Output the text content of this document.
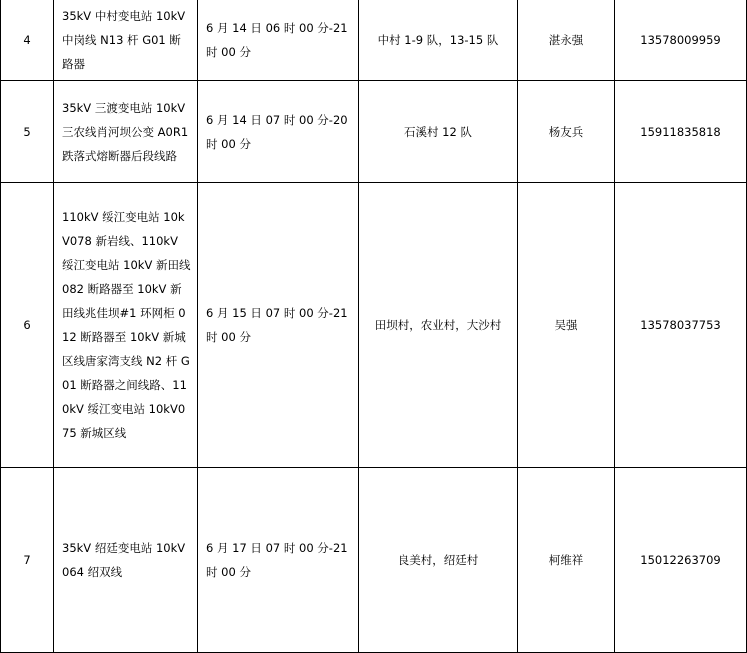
4	35kV 中村变电站 10kV 中岗线 N13 杆 G01 断路器	6 月 14 日 06 时 00 分-21 时 00 分	中村 1-9 队，13-15 队	湛永强	13578009959
5	35kV 三渡变电站 10kV 三农线肖河坝公变 A0R1 跌落式熔断器后段线路	6 月 14 日 07 时 00 分-20 时 00 分	石溪村 12 队	杨友兵	15911835818
6	110kV 绥江变电站 10kV078 新岩线、110kV 绥江变电站 10kV 新田线 082 断路器至 10kV 新田线兆佳坝#1 环网柜 012 断路器至 10kV 新城区线唐家湾支线 N2 杆 G01 断路器之间线路、110kV 绥江变电站 10kV075 新城区线	6 月 15 日 07 时 00 分-21 时 00 分	田坝村，农业村，大沙村	吴强	13578037753
7	35kV 绍廷变电站 10kV064 绍双线	6 月 17 日 07 时 00 分-21 时 00 分	良美村，绍廷村	柯维祥	15012263709
